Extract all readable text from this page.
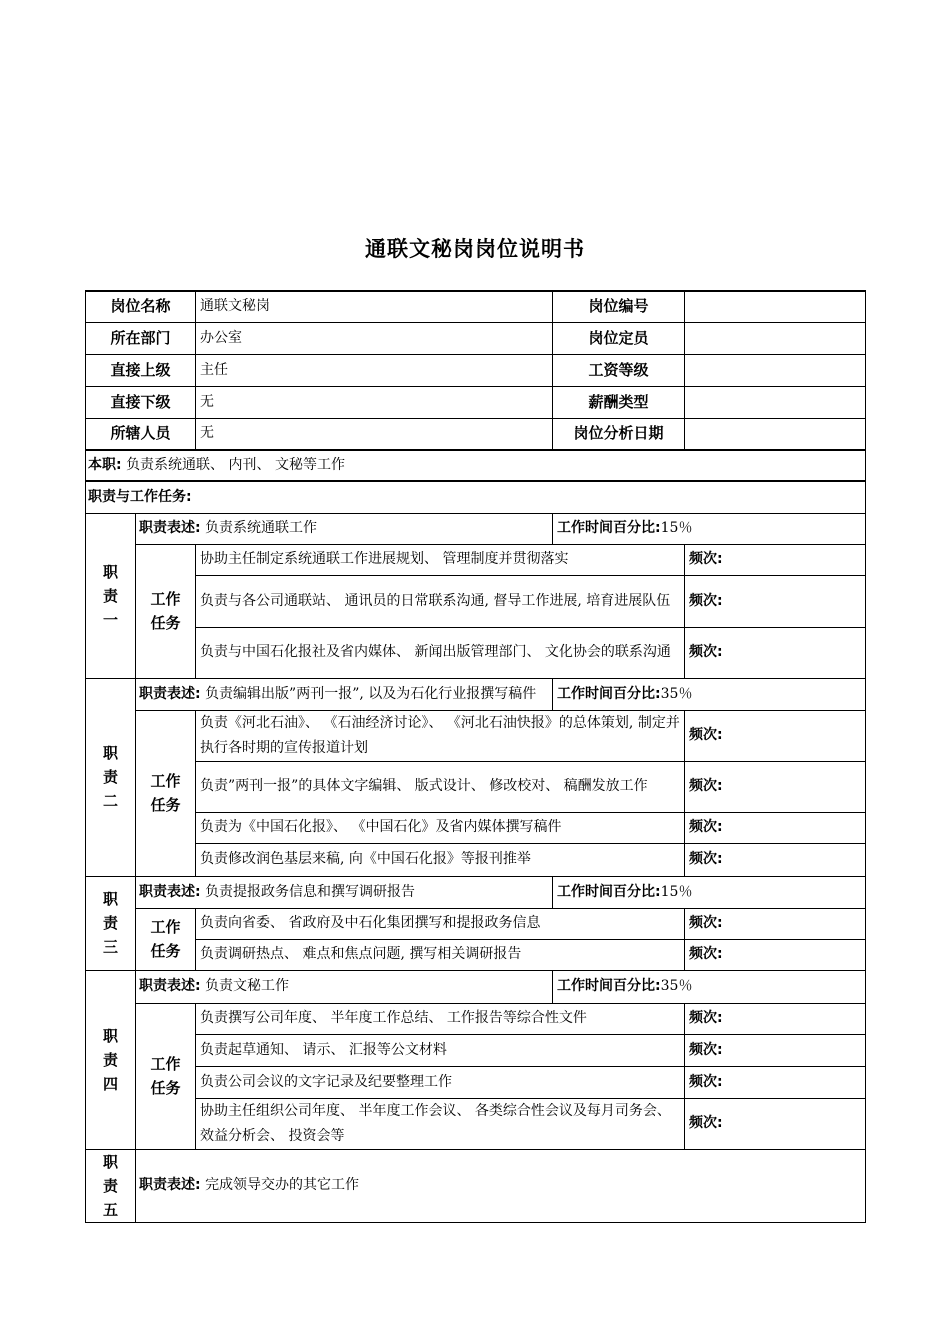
通联文秘岗岗位说明书
岗位名称		通联文秘岗	岗位编号	
所在部门		办公室	岗位定员	
直接上级		主任	工资等级	
直接下级		无	薪酬类型	
所辖人员		无	岗位分析日期	
本职: 负责系统通联、 内刊、 文秘等工作				
职责与工作任务:				
职
责
一	职责表述: 负责系统通联工作		工作时间百分比:15％	
	工作
任务	协助主任制定系统通联工作进展规划、 管理制度并贯彻落实		频次:
		负责与各公司通联站、 通讯员的日常联系沟通, 督导工作进展, 培育进展队伍		频次:
		负责与中国石化报社及省内媒体、 新闻出版管理部门、 文化协会的联系沟通		频次:
职
责
二	职责表述: 负责编辑出版”两刊一报”, 以及为石化行业报撰写稿件		工作时间百分比:35％	
	工作
任务	负责《河北石油》、 《石油经济讨论》、 《河北石油快报》的总体策划, 制定并执行各时期的宣传报道计划		频次:
		负责”两刊一报”的具体文字编辑、 版式设计、 修改校对、 稿酬发放工作		频次:
		负责为《中国石化报》、 《中国石化》及省内媒体撰写稿件		频次:
		负责修改润色基层来稿, 向《中国石化报》等报刊推举		频次:
职
责
三	职责表述: 负责提报政务信息和撰写调研报告		工作时间百分比:15％	
	工作
任务	负责向省委、 省政府及中石化集团撰写和提报政务信息		频次:
		负责调研热点、 难点和焦点问题, 撰写相关调研报告		频次:
职
责
四	职责表述: 负责文秘工作		工作时间百分比:35％	
	工作
任务	负责撰写公司年度、 半年度工作总结、 工作报告等综合性文件		频次:
		负责起草通知、 请示、 汇报等公文材料		频次:
		负责公司会议的文字记录及纪要整理工作		频次:
		协助主任组织公司年度、 半年度工作会议、 各类综合性会议及每月司务会、 效益分析会、 投资会等		频次:
职
责
五	职责表述: 完成领导交办的其它工作			
